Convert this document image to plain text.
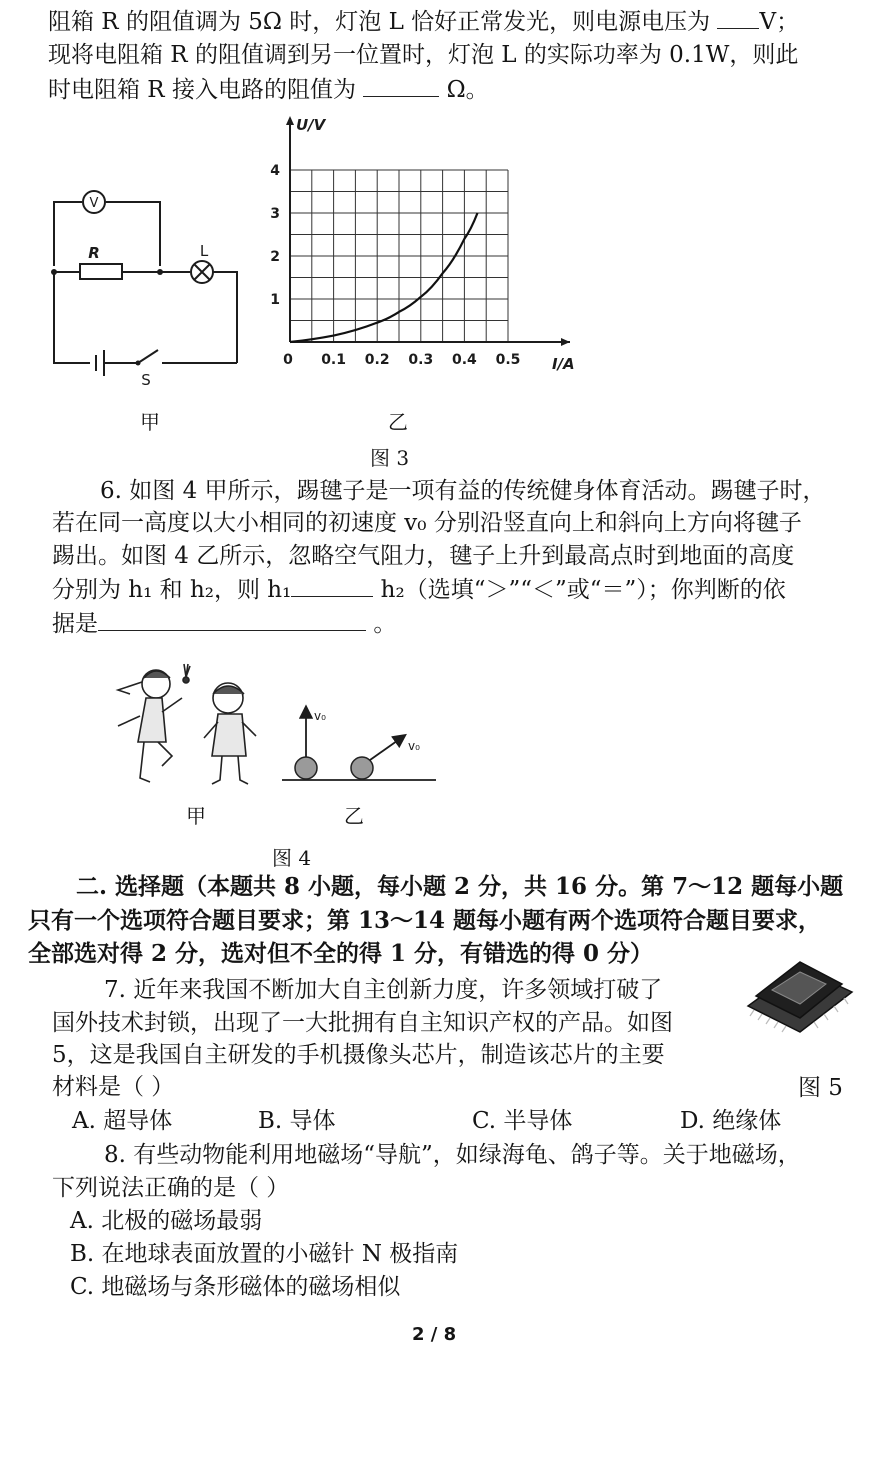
阻箱 R 的阻值调为 5Ω 时，灯泡 L 恰好正常发光，则电源电压为 V；
现将电阻箱 R 的阻值调到另一位置时，灯泡 L 的实际功率为 0.1W，则此
时电阻箱 R 接入电路的阻值为	Ω。
V
R	L
S
甲
0 0.1 0.2 0.3 0.4 0.5
1
2
3
4
U/V
I/A
乙
图 3
6. 如图 4 甲所示，踢毽子是一项有益的传统健身体育活动。踢毽子时，
若在同一高度以大小相同的初速度 v₀ 分别沿竖直向上和斜向上方向将毽子
踢出。如图 4 乙所示，忽略空气阻力，毽子上升到最高点时到地面的高度
分别为 h₁ 和 h₂，则 h₁	h₂（选填“＞”“＜”或“＝”）；你判断的依
据是	。
甲
v₀
v₀
乙
图 4
二. 选择题（本题共 8 小题，每小题 2 分，共 16 分。第 7～12 题每小题
只有一个选项符合题目要求；第 13～14 题每小题有两个选项符合题目要求，
全部选对得 2 分，选对但不全的得 1 分，有错选的得 0 分）
7. 近年来我国不断加大自主创新力度，许多领域打破了
国外技术封锁，出现了一大批拥有自主知识产权的产品。如图
5，这是我国自主研发的手机摄像头芯片，制造该芯片的主要
材料是（ ）	图 5
A. 超导体	B. 导体	C. 半导体	D. 绝缘体
8. 有些动物能利用地磁场“导航”，如绿海龟、鸽子等。关于地磁场，
下列说法正确的是（ ）
A. 北极的磁场最弱
B. 在地球表面放置的小磁针 N 极指南
C. 地磁场与条形磁体的磁场相似
2 / 8
